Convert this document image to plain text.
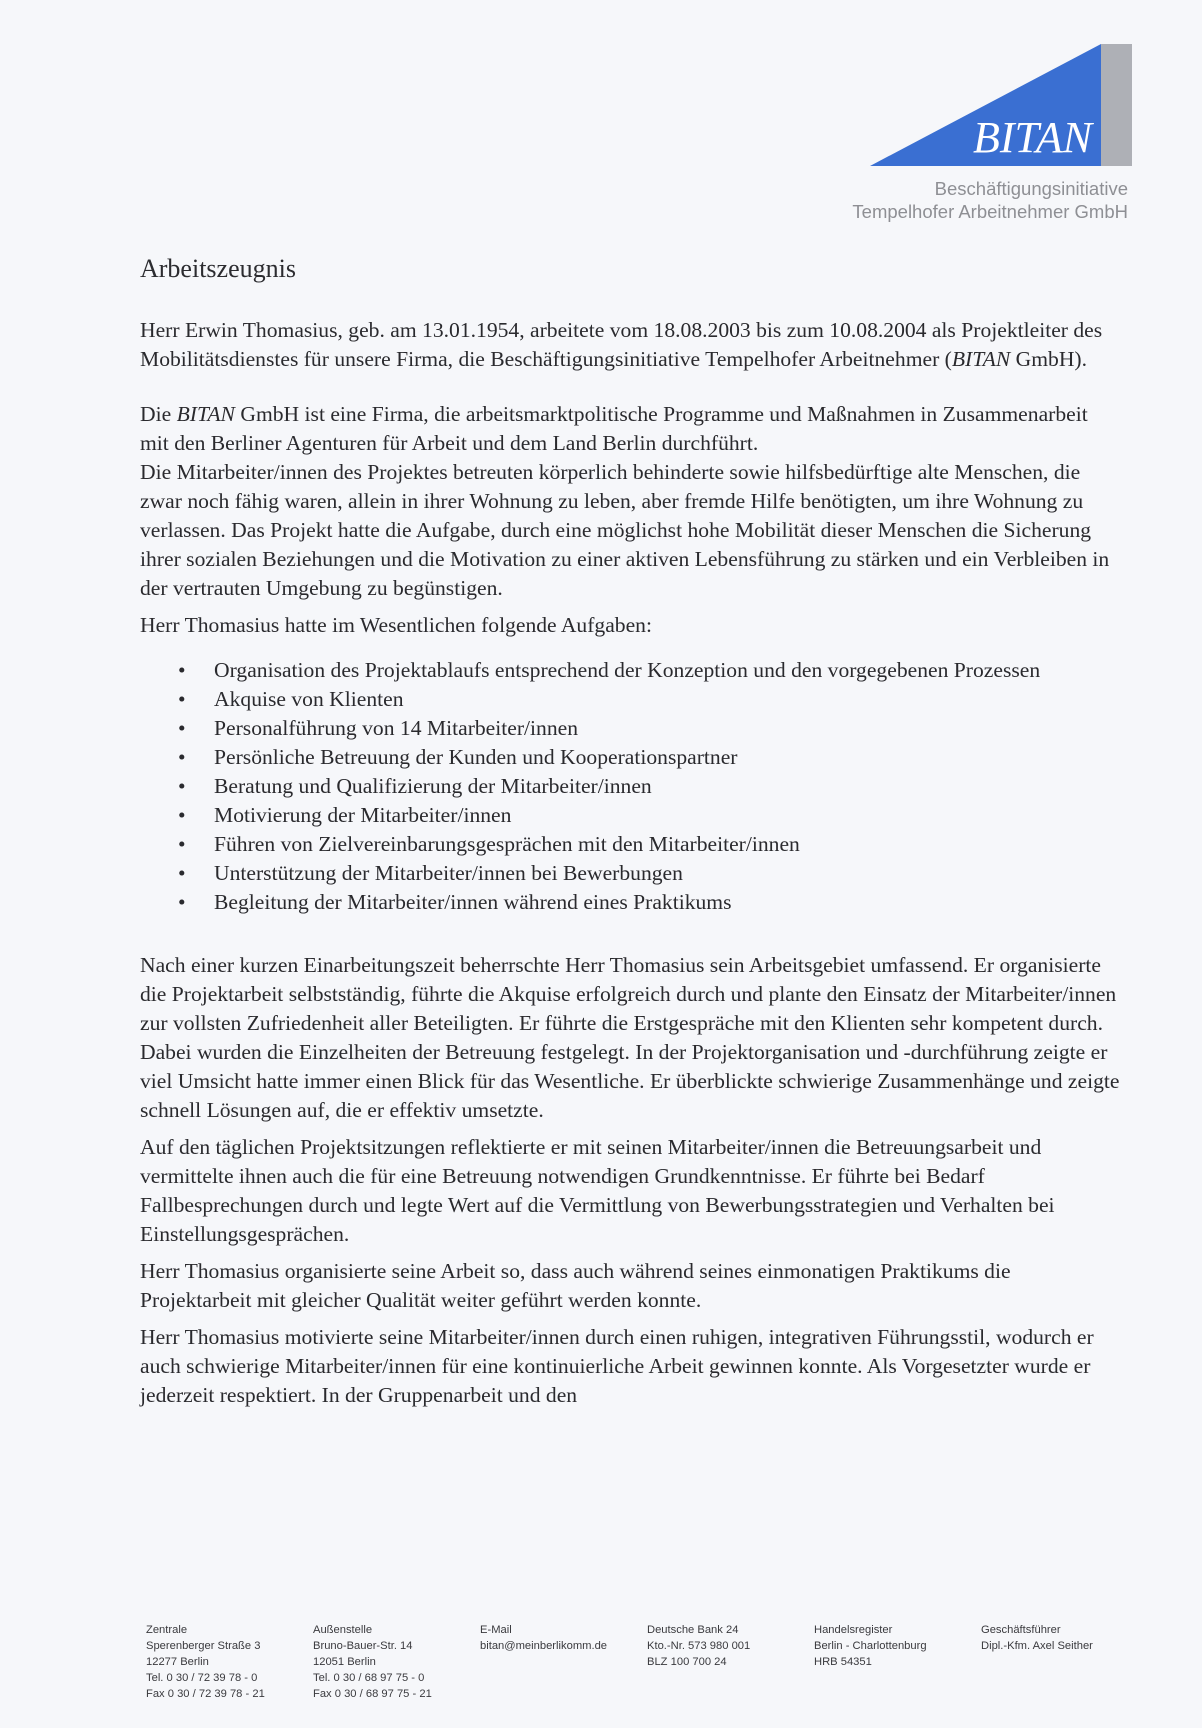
BITAN
Beschäftigungsinitiative
Tempelhofer Arbeitnehmer GmbH
Arbeitszeugnis

Herr Erwin Thomasius, geb. am 13.01.1954, arbeitete vom 18.08.2003 bis zum 10.08.2004 als Projektleiter des Mobilitätsdienstes für unsere Firma, die Beschäftigungsinitiative Tempelhofer Arbeitnehmer (BITAN GmbH).

Die BITAN GmbH ist eine Firma, die arbeitsmarktpolitische Programme und Maßnahmen in Zusammenarbeit mit den Berliner Agenturen für Arbeit und dem Land Berlin durchführt.

Die Mitarbeiter/innen des Projektes betreuten körperlich behinderte sowie hilfsbedürftige alte Menschen, die zwar noch fähig waren, allein in ihrer Wohnung zu leben, aber fremde Hilfe benötigten, um ihre Wohnung zu verlassen. Das Projekt hatte die Aufgabe, durch eine möglichst hohe Mobilität dieser Menschen die Sicherung ihrer sozialen Beziehungen und die Motivation zu einer aktiven Lebensführung zu stärken und ein Verbleiben in der vertrauten Umgebung zu begünstigen.

Herr Thomasius hatte im Wesentlichen folgende Aufgaben:

• Organisation des Projektablaufs entsprechend der Konzeption und den vorgegebenen Prozessen
• Akquise von Klienten
• Personalführung von 14 Mitarbeiter/innen
• Persönliche Betreuung der Kunden und Kooperationspartner
• Beratung und Qualifizierung der Mitarbeiter/innen
• Motivierung der Mitarbeiter/innen
• Führen von Zielvereinbarungsgesprächen mit den Mitarbeiter/innen
• Unterstützung der Mitarbeiter/innen bei Bewerbungen
• Begleitung der Mitarbeiter/innen während eines Praktikums

Nach einer kurzen Einarbeitungszeit beherrschte Herr Thomasius sein Arbeitsgebiet umfassend. Er organisierte die Projektarbeit selbstständig, führte die Akquise erfolgreich durch und plante den Einsatz der Mitarbeiter/innen zur vollsten Zufriedenheit aller Beteiligten. Er führte die Erstgespräche mit den Klienten sehr kompetent durch. Dabei wurden die Einzelheiten der Betreuung festgelegt. In der Projektorganisation und -durchführung zeigte er viel Umsicht hatte immer einen Blick für das Wesentliche. Er überblickte schwierige Zusammenhänge und zeigte schnell Lösungen auf, die er effektiv umsetzte.

Auf den täglichen Projektsitzungen reflektierte er mit seinen Mitarbeiter/innen die Betreuungsarbeit und vermittelte ihnen auch die für eine Betreuung notwendigen Grundkenntnisse. Er führte bei Bedarf Fallbesprechungen durch und legte Wert auf die Vermittlung von Bewerbungsstrategien und Verhalten bei Einstellungsgesprächen.

Herr Thomasius organisierte seine Arbeit so, dass auch während seines einmonatigen Praktikums die Projektarbeit mit gleicher Qualität weiter geführt werden konnte.

Herr Thomasius motivierte seine Mitarbeiter/innen durch einen ruhigen, integrativen Führungsstil, wodurch er auch schwierige Mitarbeiter/innen für eine kontinuierliche Arbeit gewinnen konnte. Als Vorgesetzter wurde er jederzeit respektiert. In der Gruppenarbeit und den

Zentrale
Sperenberger Straße 3
12277 Berlin
Tel. 0 30 / 72 39 78 - 0
Fax 0 30 / 72 39 78 - 21
Außenstelle
Bruno-Bauer-Str. 14
12051 Berlin
Tel. 0 30 / 68 97 75 - 0
Fax 0 30 / 68 97 75 - 21
E-Mail
bitan@meinberlikomm.de
Deutsche Bank 24
Kto.-Nr. 573 980 001
BLZ 100 700 24
Handelsregister
Berlin - Charlottenburg
HRB 54351
Geschäftsführer
Dipl.-Kfm. Axel Seither
